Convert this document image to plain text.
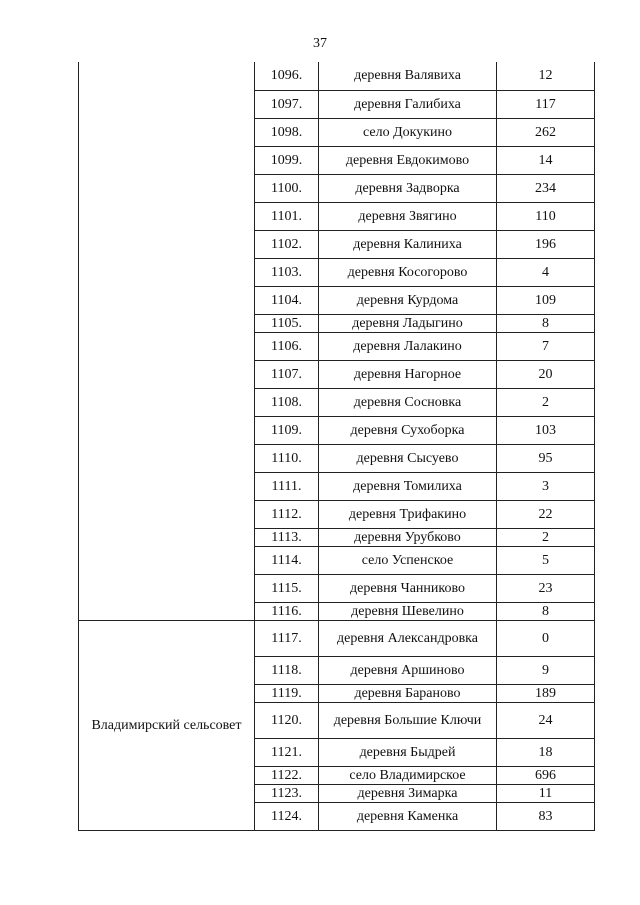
37
	1096.	деревня Валявиха	12
	1097.	деревня Галибиха	117
	1098.	село Докукино	262
	1099.	деревня Евдокимово	14
	1100.	деревня Задворка	234
	1101.	деревня Звягино	110
	1102.	деревня Калиниха	196
	1103.	деревня Косогорово	4
	1104.	деревня Курдома	109
	1105.	деревня Ладыгино	8
	1106.	деревня Лалакино	7
	1107.	деревня Нагорное	20
	1108.	деревня Сосновка	2
	1109.	деревня Сухоборка	103
	1110.	деревня Сысуево	95
	1111.	деревня Томилиха	3
	1112.	деревня Трифакино	22
	1113.	деревня Урубково	2
	1114.	село Успенское	5
	1115.	деревня Чанниково	23
	1116.	деревня Шевелино	8
Владимирский сельсовет	1117.	деревня Александровка	0
	1118.	деревня Аршиново	9
	1119.	деревня Бараново	189
	1120.	деревня Большие Ключи	24
	1121.	деревня Быдрей	18
	1122.	село Владимирское	696
	1123.	деревня Зимарка	11
	1124.	деревня Каменка	83
